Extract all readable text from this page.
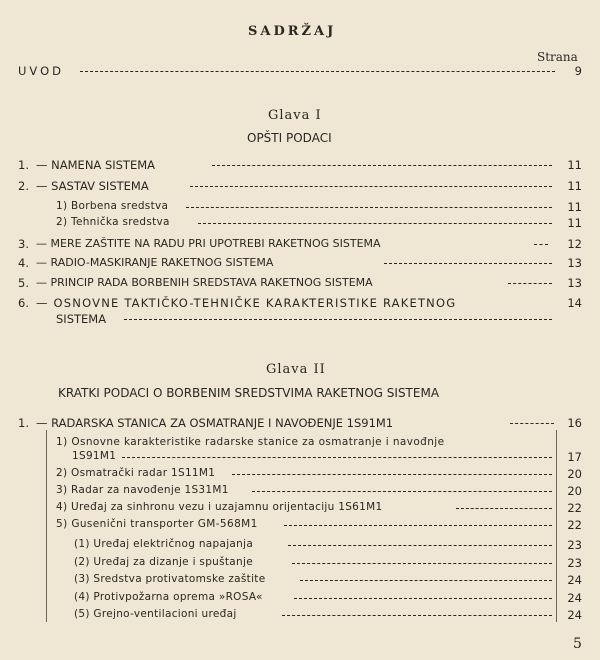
SADRŽAJ
Strana
UVOD	9
Glava I
OPŠTI PODACI
1. — NAMENA SISTEMA	11
2. — SASTAV SISTEMA	11
1) Borbena sredstva	11
2) Tehnička sredstva	11
3. — MERE ZAŠTITE NA RADU PRI UPOTREBI RAKETNOG SISTEMA	12
4. — RADIO-MASKIRANJE RAKETNOG SISTEMA	13
5. — PRINCIP RADA BORBENIH SREDSTAVA RAKETNOG SISTEMA	13
6. — OSNOVNE TAKTIČKO-TEHNIČKE KARAKTERISTIKE RAKETNOG	14
SISTEMA
Glava II
KRATKI PODACI O BORBENIM SREDSTVIMA RAKETNOG SISTEMA
1. — RADARSKA STANICA ZA OSMATRANJE I NAVOĐENJE 1S91M1	16
1) Osnovne karakteristike radarske stanice za osmatranje i navođnje
1S91M1	17
2) Osmatrački radar 1S11M1	20
3) Radar za navođenje 1S31M1	20
4) Uređaj za sinhronu vezu i uzajamnu orijentaciju 1S61M1	22
5) Gusenični transporter GM-568M1	22
(1) Uređaj električnog napajanja	23
(2) Uređaj za dizanje i spuštanje	23
(3) Sredstva protivatomske zaštite	24
(4) Protivpožarna oprema »ROSA«	24
(5) Grejno-ventilacioni uređaj	24
5
